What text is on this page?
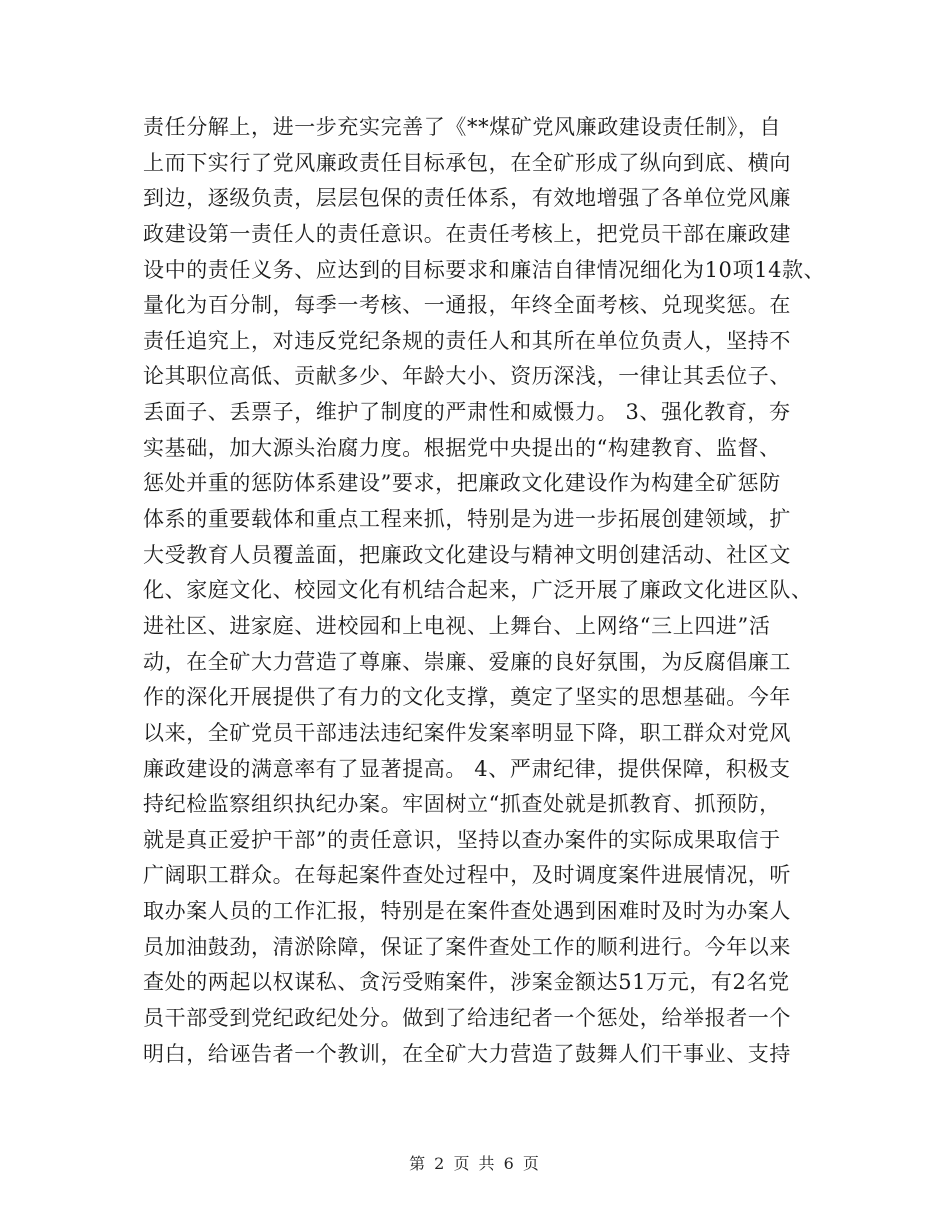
责任分解上，进一步充实完善了《**煤矿党风廉政建设责任制》，自
上而下实行了党风廉政责任目标承包，在全矿形成了纵向到底、横向
到边，逐级负责，层层包保的责任体系，有效地增强了各单位党风廉
政建设第一责任人的责任意识。在责任考核上，把党员干部在廉政建
设中的责任义务、应达到的目标要求和廉洁自律情况细化为10项14款、
量化为百分制，每季一考核、一通报，年终全面考核、兑现奖惩。在
责任追究上，对违反党纪条规的责任人和其所在单位负责人，坚持不
论其职位高低、贡献多少、年龄大小、资历深浅，一律让其丢位子、
丢面子、丢票子，维护了制度的严肃性和威慑力。 3、强化教育，夯
实基础，加大源头治腐力度。根据党中央提出的“构建教育、监督、
惩处并重的惩防体系建设”要求，把廉政文化建设作为构建全矿惩防
体系的重要载体和重点工程来抓，特别是为进一步拓展创建领域，扩
大受教育人员覆盖面，把廉政文化建设与精神文明创建活动、社区文
化、家庭文化、校园文化有机结合起来，广泛开展了廉政文化进区队、
进社区、进家庭、进校园和上电视、上舞台、上网络“三上四进”活
动，在全矿大力营造了尊廉、崇廉、爱廉的良好氛围，为反腐倡廉工
作的深化开展提供了有力的文化支撑，奠定了坚实的思想基础。今年
以来，全矿党员干部违法违纪案件发案率明显下降，职工群众对党风
廉政建设的满意率有了显著提高。 4、严肃纪律，提供保障，积极支
持纪检监察组织执纪办案。牢固树立“抓查处就是抓教育、抓预防，
就是真正爱护干部”的责任意识，坚持以查办案件的实际成果取信于
广阔职工群众。在每起案件查处过程中，及时调度案件进展情况，听
取办案人员的工作汇报，特别是在案件查处遇到困难时及时为办案人
员加油鼓劲，清淤除障，保证了案件查处工作的顺利进行。今年以来
查处的两起以权谋私、贪污受贿案件，涉案金额达51万元，有2名党
员干部受到党纪政纪处分。做到了给违纪者一个惩处，给举报者一个
明白，给诬告者一个教训，在全矿大力营造了鼓舞人们干事业、支持
第 2 页 共 6 页
